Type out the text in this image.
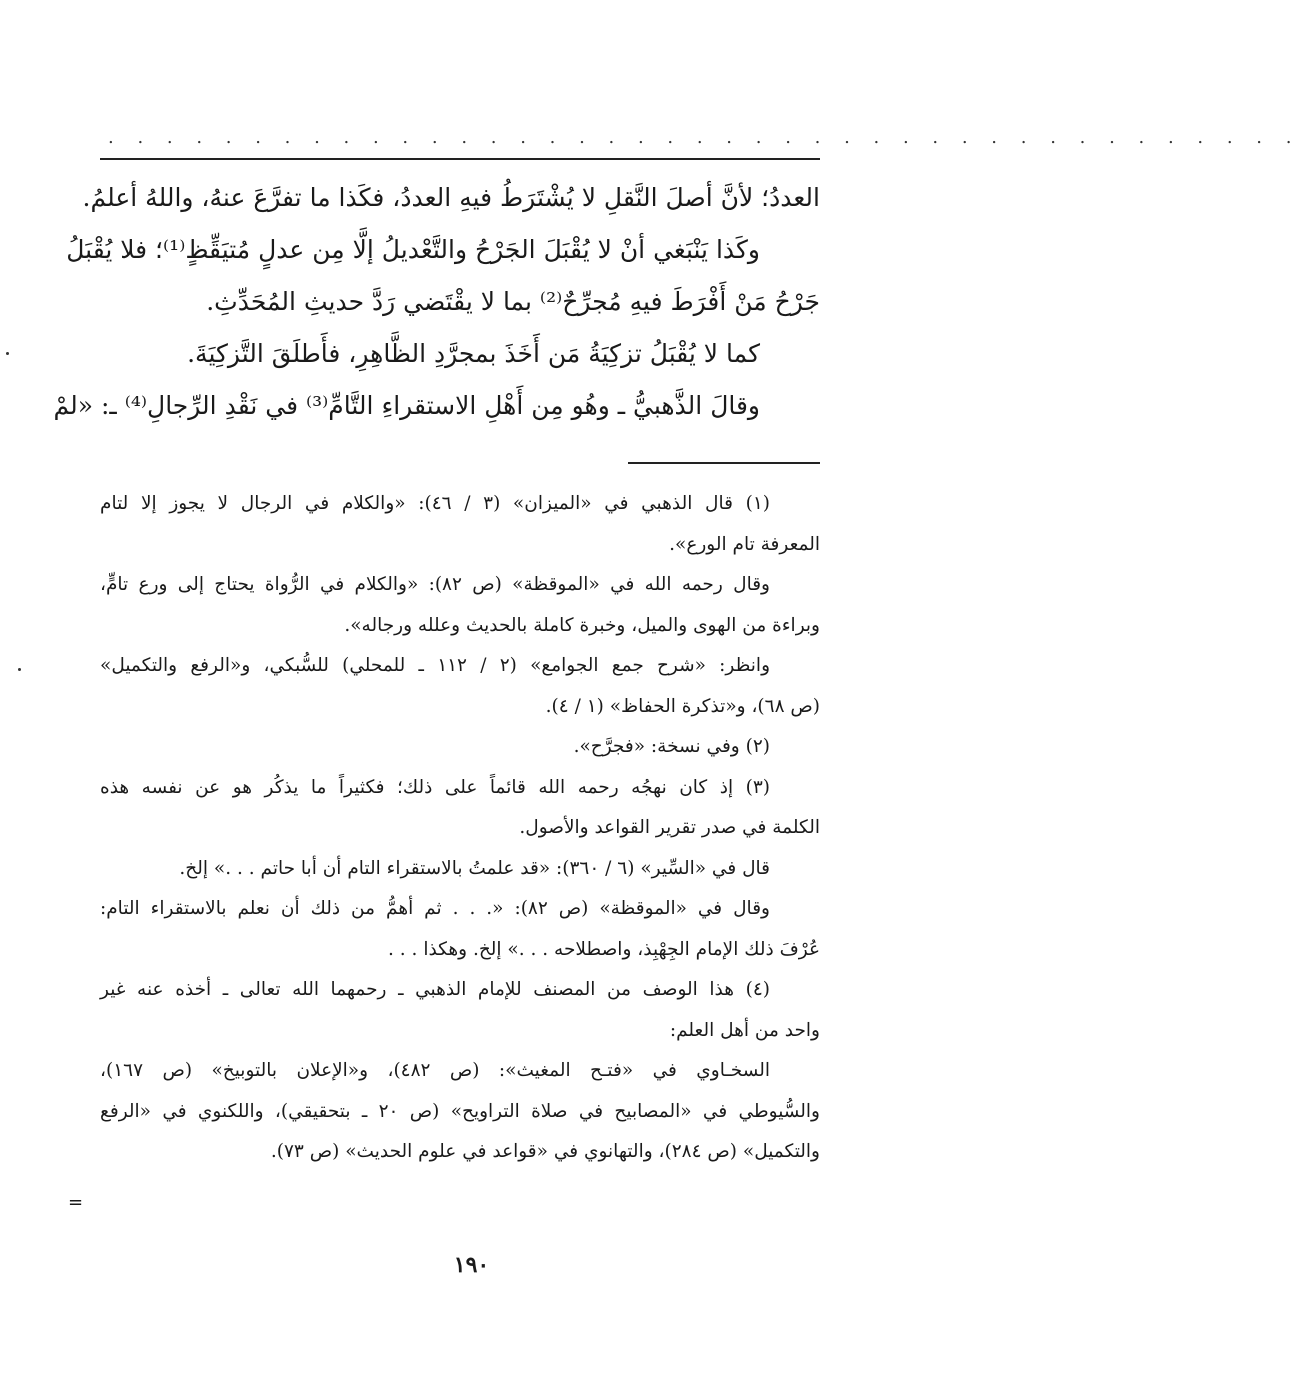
. . . . . . . . . . . . . . . . . . . . . . . . . . . . . . . . . . . . . . . . .

العددُ؛ لأنَّ أصلَ النَّقلِ لا يُشْتَرَطُ فيهِ العددُ، فكَذا ما تفرَّعَ عنهُ، واللهُ أعلمُ.

وكَذا يَنْبَغي أنْ لا يُقْبَلَ الجَرْحُ والتَّعْديلُ إلَّا مِن عدلٍ مُتيَقِّظٍ⁽¹⁾؛ فلا يُقْبَلُ

جَرْحُ مَنْ أَفْرَطَ فيهِ مُجرِّحٌ⁽²⁾ بما لا يقْتَضي رَدَّ حديثِ المُحَدِّثِ.

كما لا يُقْبَلُ تزكِيَةُ مَن أَخَذَ بمجرَّدِ الظَّاهِرِ، فأَطلَقَ التَّزكِيَةَ.

وقالَ الذَّهبيُّ ـ وهُو مِن أَهْلِ الاستقراءِ التَّامِّ⁽³⁾ في نَقْدِ الرِّجالِ⁽⁴⁾ ـ: «لمْ

(١) قال الذهبي في «الميزان» (٣ / ٤٦): «والكلام في الرجال لا يجوز إلا لتام

المعرفة تام الورع».

وقال رحمه الله في «الموقظة» (ص ٨٢): «والكلام في الرُّواة يحتاج إلى ورع تامٍّ،

وبراءة من الهوى والميل، وخبرة كاملة بالحديث وعلله ورجاله».

وانظر: «شرح جمع الجوامع» (٢ / ١١٢ ـ للمحلي) للسُّبكي، و«الرفع والتكميل»

(ص ٦٨)، و«تذكرة الحفاظ» (١ / ٤).

(٢) وفي نسخة: «فجرَّح».

(٣) إذ كان نهجُه رحمه الله قائماً على ذلك؛ فكثيراً ما يذكُر هو عن نفسه هذه

الكلمة في صدر تقرير القواعد والأصول.

قال في «السِّير» (٦ / ٣٦٠): «قد علمتُ بالاستقراء التام أن أبا حاتم . . .» إلخ.

وقال في «الموقظة» (ص ٨٢): «. . . ثم أهمُّ من ذلك أن نعلم بالاستقراء التام:

عُرْفَ ذلك الإمام الجِهْبِذ، واصطلاحه . . .» إلخ. وهكذا . . .

(٤) هذا الوصف من المصنف للإمام الذهبي ـ رحمهما الله تعالى ـ أخذه عنه غير

واحد من أهل العلم:

السخـاوي في «فتـح المغيث»: (ص ٤٨٢)، و«الإعلان بالتوبيخ» (ص ١٦٧)،

والسُّيوطي في «المصابيح في صلاة التراويح» (ص ٢٠ ـ بتحقيقي)، واللكنوي في «الرفع

والتكميل» (ص ٢٨٤)، والتهانوي في «قواعد في علوم الحديث» (ص ٧٣).

١٩٠
=
